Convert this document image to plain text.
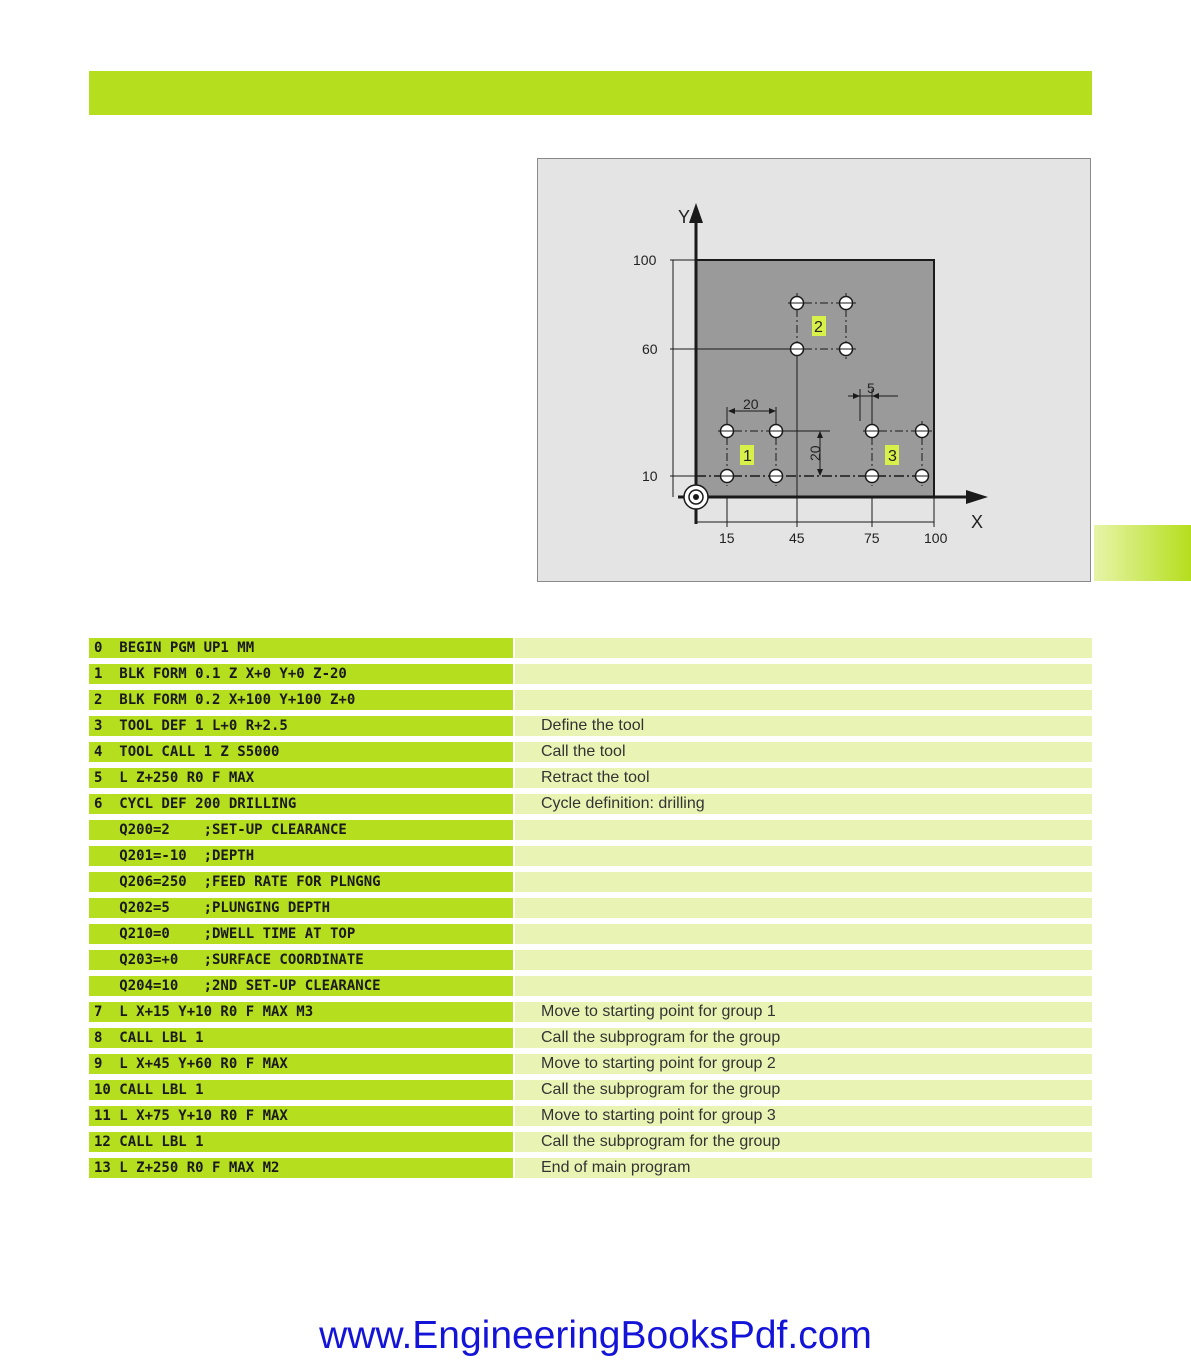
Y
X
100
60
10
15	45	75	100
20
20
5
1
2
3
0  BEGIN PGM UP1 MM
1  BLK FORM 0.1 Z X+0 Y+0 Z-20
2  BLK FORM 0.2 X+100 Y+100 Z+0
3  TOOL DEF 1 L+0 R+2.5	Define the tool
4  TOOL CALL 1 Z S5000	Call the tool
5  L Z+250 R0 F MAX	Retract the tool
6  CYCL DEF 200 DRILLING	Cycle definition: drilling
Q200=2    ;SET-UP CLEARANCE
Q201=-10  ;DEPTH
Q206=250  ;FEED RATE FOR PLNGNG
Q202=5    ;PLUNGING DEPTH
Q210=0    ;DWELL TIME AT TOP
Q203=+0   ;SURFACE COORDINATE
Q204=10   ;2ND SET-UP CLEARANCE
7  L X+15 Y+10 R0 F MAX M3	Move to starting point for group 1
8  CALL LBL 1	Call the subprogram for the group
9  L X+45 Y+60 R0 F MAX	Move to starting point for group 2
10 CALL LBL 1	Call the subprogram for the group
11 L X+75 Y+10 R0 F MAX	Move to starting point for group 3
12 CALL LBL 1	Call the subprogram for the group
13 L Z+250 R0 F MAX M2	End of main program
www.EngineeringBooksPdf.com
